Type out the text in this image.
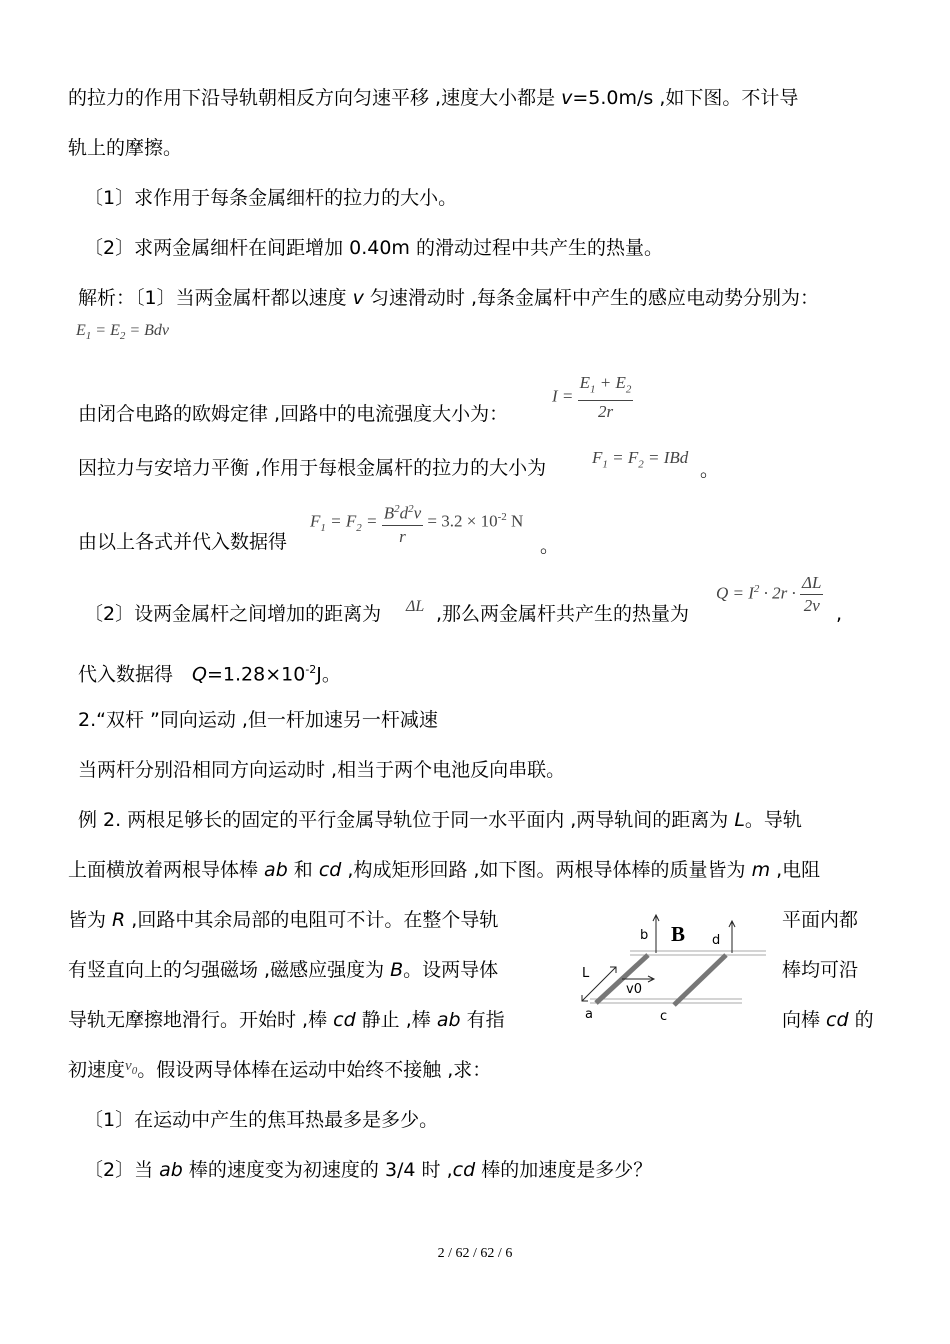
的拉力的作用下沿导轨朝相反方向匀速平移 ,速度大小都是 v=5.0m/s ,如下图。不计导
轨上的摩擦。
〔1〕求作用于每条金属细杆的拉力的大小。
〔2〕求两金属细杆在间距增加 0.40m 的滑动过程中共产生的热量。
解析：〔1〕当两金属杆都以速度 v 匀速滑动时 ,每条金属杆中产生的感应电动势分别为：
$E_1 = E_2$ = Bdv
由闭合电路的欧姆定律 ,回路中的电流强度大小为：
$I = \frac{E_1 + E_2}{2r}$
因拉力与安培力平衡 ,作用于每根金属杆的拉力的大小为	$F_1 = F_2$ = IBd
。
由以上各式并代入数据得
$F_1 = F_2 = \frac{B^2d^2v}{r} = 3.2 \times 10^{-2}$ N
。
〔2〕设两金属杆之间增加的距离为 ΔL ,那么两金属杆共产生的热量为
$Q = I^2 \cdot 2r \cdot \frac{\Delta L}{2v}$ ,
代入数据得　$Q=1.28\times 10^{-2}J$。
2.“双杆 ”同向运动 ,但一杆加速另一杆减速
当两杆分别沿相同方向运动时 ,相当于两个电池反向串联。
例 2. 两根足够长的固定的平行金属导轨位于同一水平面内 ,两导轨间的距离为 L。导轨
上面横放着两根导体棒 ab 和 cd ,构成矩形回路 ,如下图。两根导体棒的质量皆为 m ,电阻
皆为 R ,回路中其余局部的电阻可不计。在整个导轨	平面内都
有竖直向上的匀强磁场 ,磁感应强度为 B。设两导体	棒均可沿
导轨无摩擦地滑行。开始时 ,棒 cd 静止 ,棒 ab 有指	向棒 cd 的
初速度$^{v_0}$。假设两导体棒在运动中始终不接触 ,求：
〔1〕在运动中产生的焦耳热最多是多少。
〔2〕当 ab 棒的速度变为初速度的 3/4 时 ,cd 棒的加速度是多少？
b B d
L
v0
a	c
2 / 62 / 62 / 6
